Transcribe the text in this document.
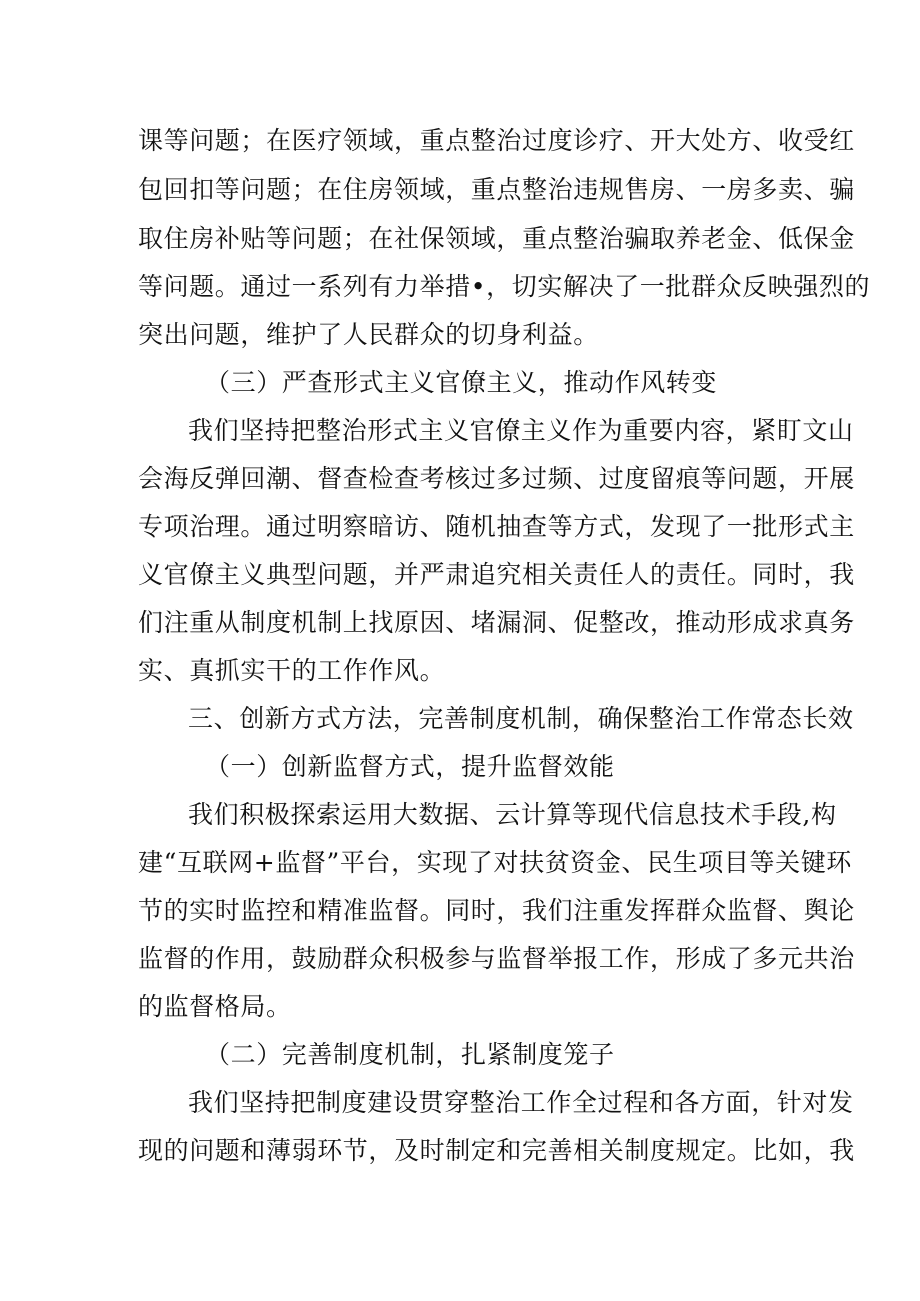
课等问题；在医疗领域，重点整治过度诊疗、开大处方、收受红
包回扣等问题；在住房领域，重点整治违规售房、一房多卖、骗
取住房补贴等问题；在社保领域，重点整治骗取养老金、低保金
等问题。通过一系列有力举措•，切实解决了一批群众反映强烈的
突出问题，维护了人民群众的切身利益。
（三）严查形式主义官僚主义，推动作风转变
我们坚持把整治形式主义官僚主义作为重要内容，紧盯文山
会海反弹回潮、督查检查考核过多过频、过度留痕等问题，开展
专项治理。通过明察暗访、随机抽查等方式，发现了一批形式主
义官僚主义典型问题，并严肃追究相关责任人的责任。同时，我
们注重从制度机制上找原因、堵漏洞、促整改，推动形成求真务
实、真抓实干的工作作风。
三、创新方式方法，完善制度机制，确保整治工作常态长效
（一）创新监督方式，提升监督效能
我们积极探索运用大数据、云计算等现代信息技术手段,构
建“互联网+监督”平台，实现了对扶贫资金、民生项目等关键环
节的实时监控和精准监督。同时，我们注重发挥群众监督、舆论
监督的作用，鼓励群众积极参与监督举报工作，形成了多元共治
的监督格局。
（二）完善制度机制，扎紧制度笼子
我们坚持把制度建设贯穿整治工作全过程和各方面，针对发
现的问题和薄弱环节，及时制定和完善相关制度规定。比如，我
